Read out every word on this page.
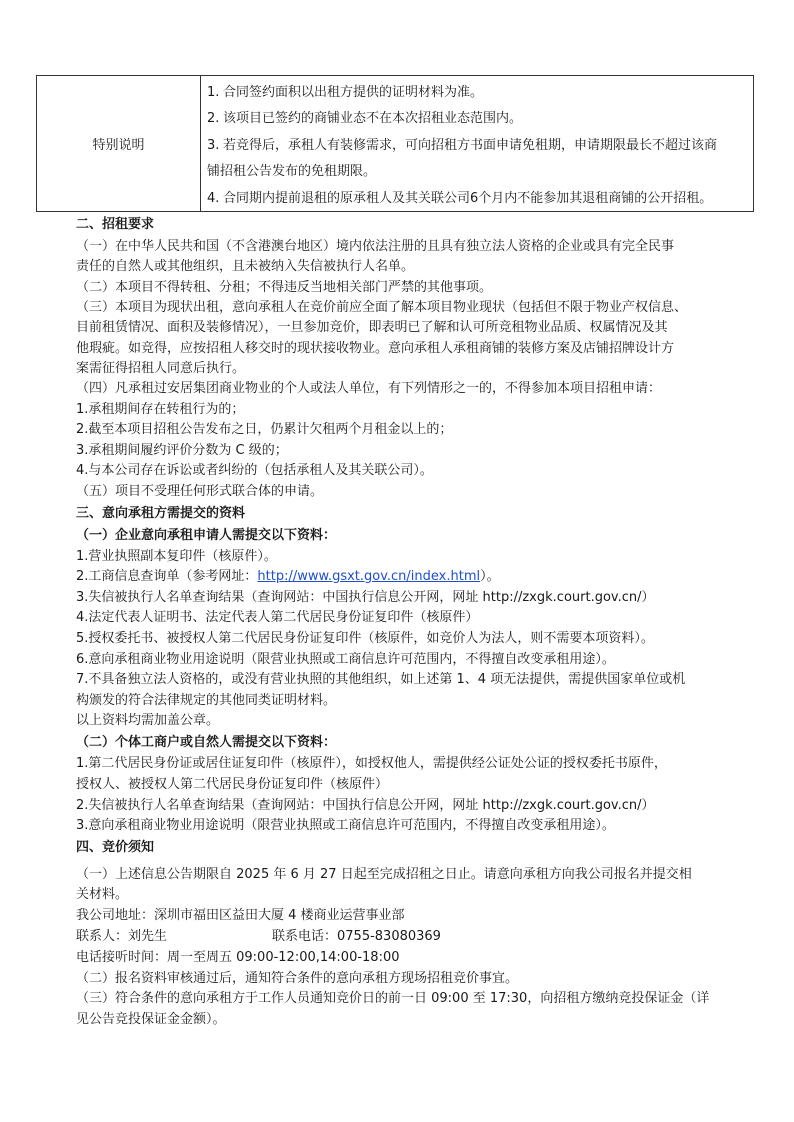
特别说明
1. 合同签约面积以出租方提供的证明材料为准。
2. 该项目已签约的商铺业态不在本次招租业态范围内。
3. 若竞得后，承租人有装修需求，可向招租方书面申请免租期，申请期限最长不超过该商
铺招租公告发布的免租期限。
4. 合同期内提前退租的原承租人及其关联公司6个月内不能参加其退租商铺的公开招租。
二、招租要求
（一）在中华人民共和国（不含港澳台地区）境内依法注册的且具有独立法人资格的企业或具有完全民事
责任的自然人或其他组织，且未被纳入失信被执行人名单。
（二）本项目不得转租、分租；不得违反当地相关部门严禁的其他事项。
（三）本项目为现状出租，意向承租人在竞价前应全面了解本项目物业现状（包括但不限于物业产权信息、
目前租赁情况、面积及装修情况），一旦参加竞价，即表明已了解和认可所竞租物业品质、权属情况及其
他瑕疵。如竞得，应按招租人移交时的现状接收物业。意向承租人承租商铺的装修方案及店铺招牌设计方
案需征得招租人同意后执行。
（四）凡承租过安居集团商业物业的个人或法人单位，有下列情形之一的，不得参加本项目招租申请：
1.承租期间存在转租行为的；
2.截至本项目招租公告发布之日，仍累计欠租两个月租金以上的；
3.承租期间履约评价分数为 C 级的；
4.与本公司存在诉讼或者纠纷的（包括承租人及其关联公司）。
（五）项目不受理任何形式联合体的申请。
三、意向承租方需提交的资料
（一）企业意向承租申请人需提交以下资料：
1.营业执照副本复印件（核原件）。
2.工商信息查询单（参考网址：http://www.gsxt.gov.cn/index.html）。
3.失信被执行人名单查询结果（查询网站：中国执行信息公开网，网址 http://zxgk.court.gov.cn/）
4.法定代表人证明书、法定代表人第二代居民身份证复印件（核原件）
5.授权委托书、被授权人第二代居民身份证复印件（核原件，如竞价人为法人，则不需要本项资料）。
6.意向承租商业物业用途说明（限营业执照或工商信息许可范围内，不得擅自改变承租用途）。
7.不具备独立法人资格的，或没有营业执照的其他组织，如上述第 1、4 项无法提供，需提供国家单位或机
构颁发的符合法律规定的其他同类证明材料。
以上资料均需加盖公章。
（二）个体工商户或自然人需提交以下资料：
1.第二代居民身份证或居住证复印件（核原件），如授权他人，需提供经公证处公证的授权委托书原件，
授权人、被授权人第二代居民身份证复印件（核原件）
2.失信被执行人名单查询结果（查询网站：中国执行信息公开网，网址 http://zxgk.court.gov.cn/）
3.意向承租商业物业用途说明（限营业执照或工商信息许可范围内，不得擅自改变承租用途）。
四、竞价须知
（一）上述信息公告期限自 2025 年 6 月 27 日起至完成招租之日止。请意向承租方向我公司报名并提交相
关材料。
我公司地址：深圳市福田区益田大厦 4 楼商业运营事业部
联系人：刘先生	联系电话：0755-83080369
电话接听时间：周一至周五 09:00-12:00,14:00-18:00
（二）报名资料审核通过后，通知符合条件的意向承租方现场招租竞价事宜。
（三）符合条件的意向承租方于工作人员通知竞价日的前一日 09:00 至 17:30，向招租方缴纳竞投保证金（详
见公告竞投保证金金额）。
